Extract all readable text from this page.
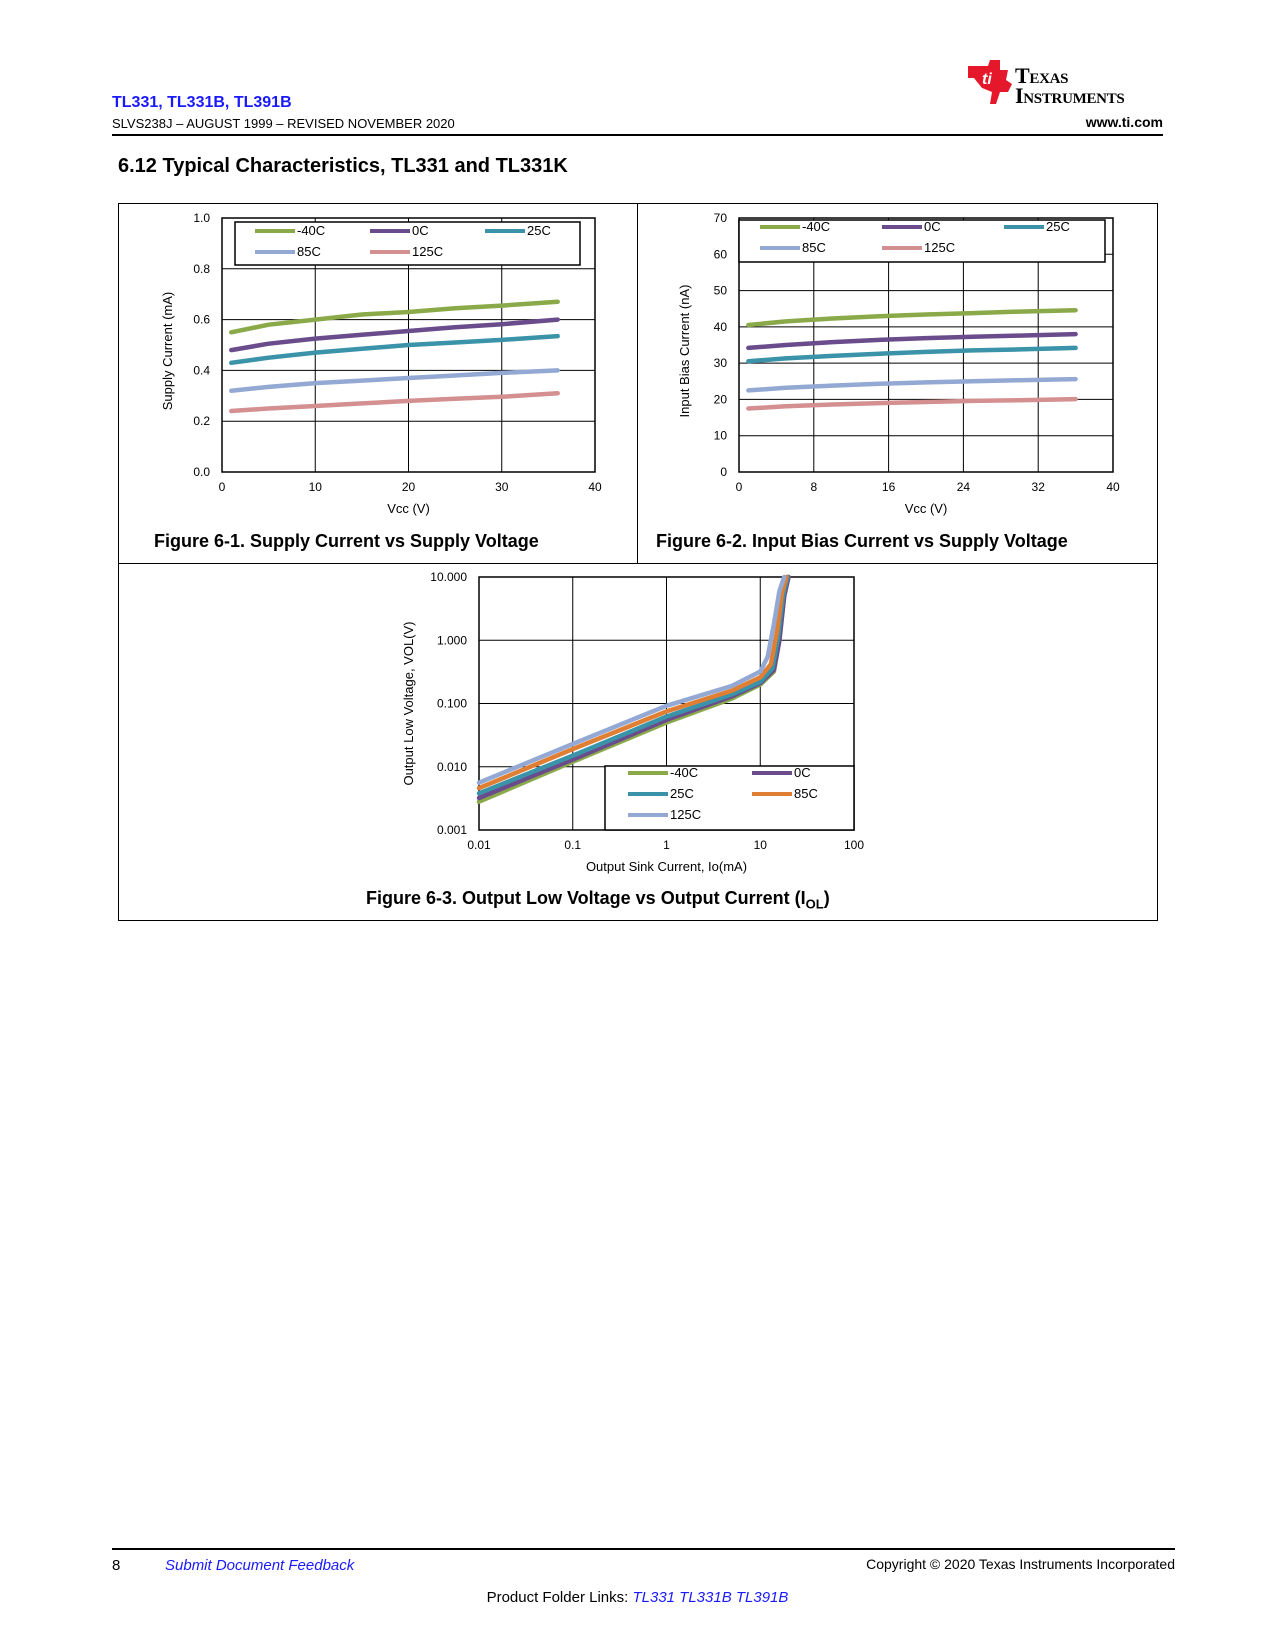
TL331, TL331B, TL391B
SLVS238J – AUGUST 1999 – REVISED NOVEMBER 2020
ti Texas
Instruments
www.ti.com
6.12 Typical Characteristics, TL331 and TL331K
0	10	20	30	40
0.0
0.2
0.4
0.6
0.8
1.0
Vcc (V)
Supply Current (mA)
-40C	0C	25C
85C	125C
0	8	16	24	32	40
0
10
20
30
40
50
60
70
Vcc (V)
Input Bias Current (nA)
-40C	0C	25C
85C	125C
0.01	0.1	1	10	100
0.001
0.010
0.100
1.000
10.000
Output Sink Current, Io(mA)
Output Low Voltage, VOL(V)	-40C	0C
25C	85C
125C
Figure 6-1. Supply Current vs Supply Voltage	Figure 6-2. Input Bias Current vs Supply Voltage
Figure 6-3. Output Low Voltage vs Output Current $(I_{OL})$
8	Submit Document Feedback	Copyright © 2020 Texas Instruments Incorporated
Product Folder Links: TL331 TL331B TL391B
